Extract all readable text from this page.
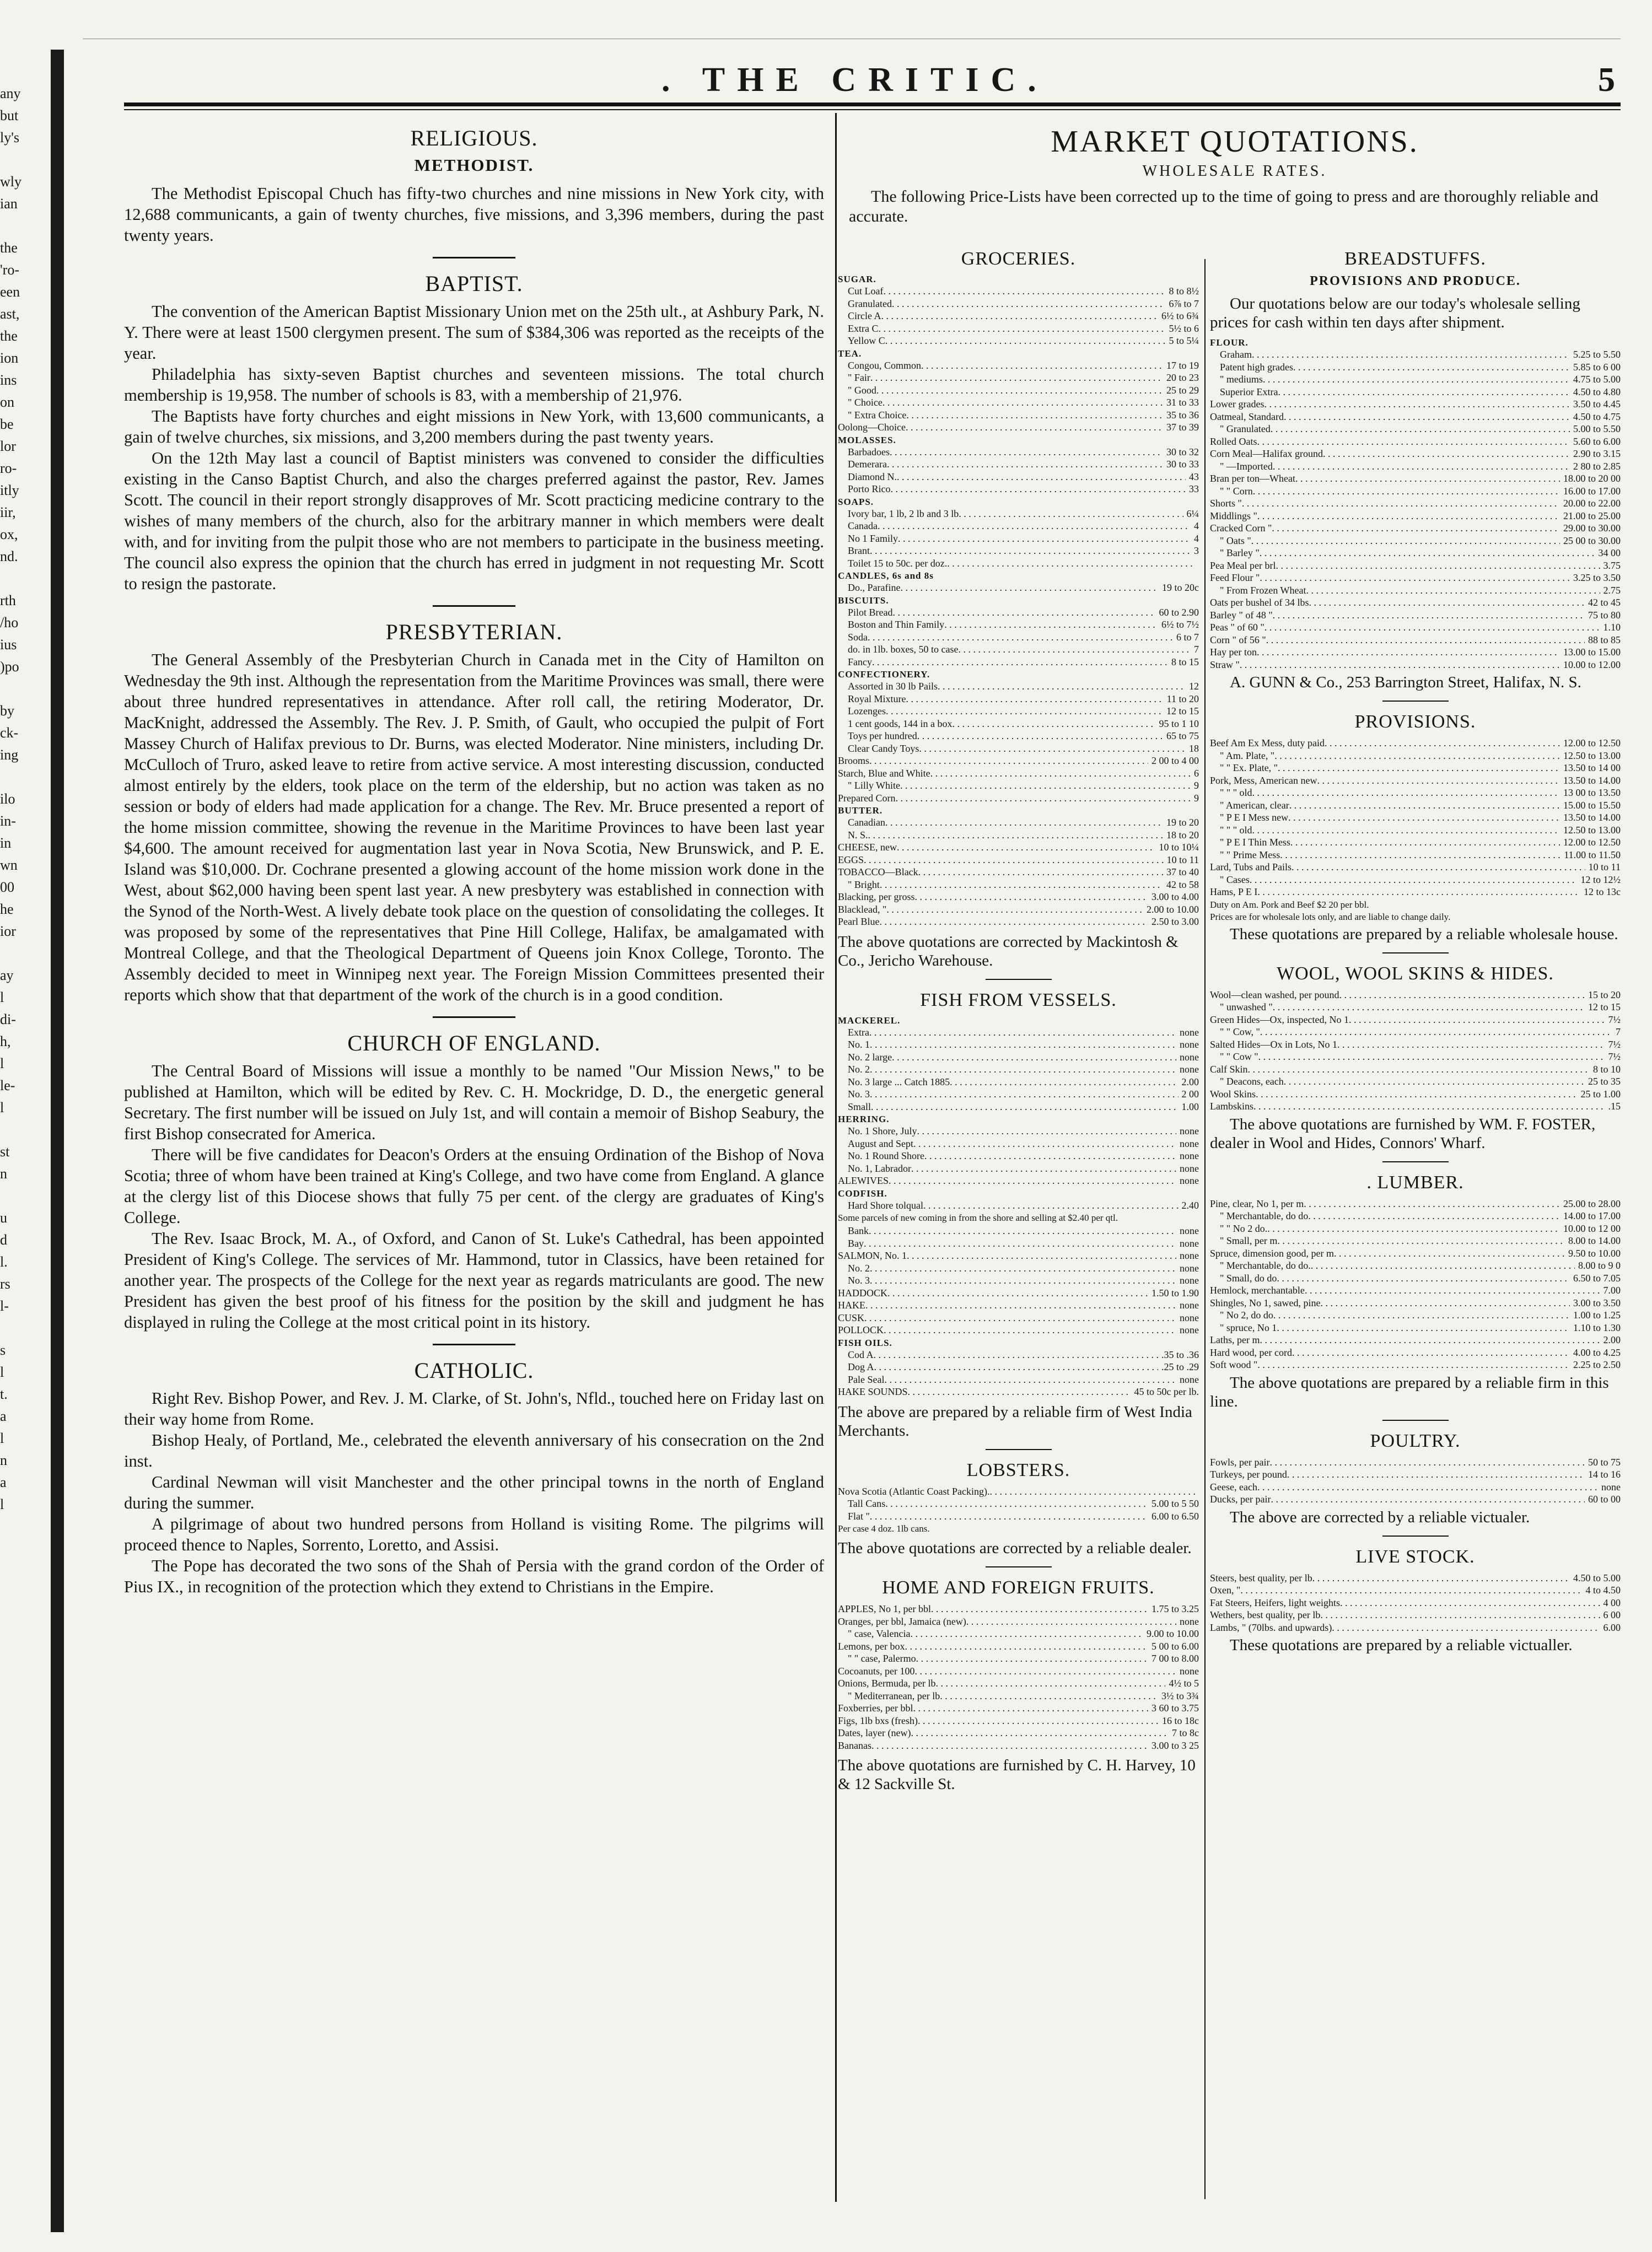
any
but
ly's
wly
ian
the
'ro-
een
ast,
the
ion
ins
on
be
lor
ro-
itly
iir,
ox,
nd.
rth
/ho
ius
)po
by
ck-
ing
ilo
in-
in
wn
00
he
ior
ay
l
di-
h,
l
le-
l
st
n
u
d
l.
rs
l-
s
l
t.
a
l
n
a
l
. THE CRITIC.	5
RELIGIOUS.
METHODIST.

The Methodist Episcopal Chuch has fifty-two churches and nine missions in New York city, with 12,688 communicants, a gain of twenty churches, five missions, and 3,396 members, during the past twenty years.

BAPTIST.

The convention of the American Baptist Missionary Union met on the 25th ult., at Ashbury Park, N. Y. There were at least 1500 clergymen present. The sum of $384,306 was reported as the receipts of the year.

Philadelphia has sixty-seven Baptist churches and seventeen missions. The total church membership is 19,958. The number of schools is 83, with a membership of 21,976.

The Baptists have forty churches and eight missions in New York, with 13,600 communicants, a gain of twelve churches, six missions, and 3,200 members during the past twenty years.

On the 12th May last a council of Baptist ministers was convened to consider the difficulties existing in the Canso Baptist Church, and also the charges preferred against the pastor, Rev. James Scott. The council in their report strongly disapproves of Mr. Scott practicing medicine contrary to the wishes of many members of the church, also for the arbitrary manner in which members were dealt with, and for inviting from the pulpit those who are not members to participate in the business meeting. The council also express the opinion that the church has erred in judgment in not requesting Mr. Scott to resign the pastorate.

PRESBYTERIAN.

The General Assembly of the Presbyterian Church in Canada met in the City of Hamilton on Wednesday the 9th inst. Although the representation from the Maritime Provinces was small, there were about three hundred representatives in attendance. After roll call, the retiring Moderator, Dr. MacKnight, addressed the Assembly. The Rev. J. P. Smith, of Gault, who occupied the pulpit of Fort Massey Church of Halifax previous to Dr. Burns, was elected Moderator. Nine ministers, including Dr. McCulloch of Truro, asked leave to retire from active service. A most interesting discussion, conducted almost entirely by the elders, took place on the term of the eldership, but no action was taken as no session or body of elders had made application for a change. The Rev. Mr. Bruce presented a report of the home mission committee, showing the revenue in the Maritime Provinces to have been last year $4,600. The amount received for augmentation last year in Nova Scotia, New Brunswick, and P. E. Island was $10,000. Dr. Cochrane presented a glowing account of the home mission work done in the West, about $62,000 having been spent last year. A new presbytery was established in connection with the Synod of the North-West. A lively debate took place on the question of consolidating the colleges. It was proposed by some of the representatives that Pine Hill College, Halifax, be amalgamated with Montreal College, and that the Theological Department of Queens join Knox College, Toronto. The Assembly decided to meet in Winnipeg next year. The Foreign Mission Committees presented their reports which show that that department of the work of the church is in a good condition.

CHURCH OF ENGLAND.

The Central Board of Missions will issue a monthly to be named "Our Mission News," to be published at Hamilton, which will be edited by Rev. C. H. Mockridge, D. D., the energetic general Secretary. The first number will be issued on July 1st, and will contain a memoir of Bishop Seabury, the first Bishop consecrated for America.

There will be five candidates for Deacon's Orders at the ensuing Ordination of the Bishop of Nova Scotia; three of whom have been trained at King's College, and two have come from England. A glance at the clergy list of this Diocese shows that fully 75 per cent. of the clergy are graduates of King's College.

The Rev. Isaac Brock, M. A., of Oxford, and Canon of St. Luke's Cathedral, has been appointed President of King's College. The services of Mr. Hammond, tutor in Classics, have been retained for another year. The prospects of the College for the next year as regards matriculants are good. The new President has given the best proof of his fitness for the position by the skill and judgment he has displayed in ruling the College at the most critical point in its history.

CATHOLIC.

Right Rev. Bishop Power, and Rev. J. M. Clarke, of St. John's, Nfld., touched here on Friday last on their way home from Rome.

Bishop Healy, of Portland, Me., celebrated the eleventh anniversary of his consecration on the 2nd inst.

Cardinal Newman will visit Manchester and the other principal towns in the north of England during the summer.

A pilgrimage of about two hundred persons from Holland is visiting Rome. The pilgrims will proceed thence to Naples, Sorrento, Loretto, and Assisi.

The Pope has decorated the two sons of the Shah of Persia with the grand cordon of the Order of Pius IX., in recognition of the protection which they extend to Christians in the Empire.

MARKET QUOTATIONS.
WHOLESALE RATES.

The following Price-Lists have been corrected up to the time of going to press and are thoroughly reliable and accurate.

GROCERIES.
SUGAR.
Cut Loaf . . .	8 to 8½
Granulated . . .	6⅞ to 7
Circle A . . .	6½ to 6¾
Extra C . . .	5½ to 6
Yellow C . . .	5 to 5¼
TEA.
Congou, Common . . .	17 to 19
" Fair . . .	20 to 23
" Good . . .	25 to 29
" Choice . . .	31 to 33
" Extra Choice . . .	35 to 36
Oolong—Choice . . .	37 to 39
MOLASSES.
Barbadoes . . .	30 to 32
Demerara . . .	30 to 33
Diamond N. . . .	43
Porto Rico . . .	33
SOAPS.
Ivory bar, 1 lb, 2 lb and 3 lb . . .	6¼
Canada . . .	4
No 1 Family . . .	4
Brant . . .	3
Toilet 15 to 50c. per doz.
. . .
CANDLES, 6s and 8s
Do., Parafine . . .	19 to 20c
BISCUITS.
Pilot Bread . . .	60 to 2.90
Boston and Thin Family . . .	6½ to 7½
Soda . . .	6 to 7
do. in 1lb. boxes, 50 to case . . .	7
Fancy . . .	8 to 15
CONFECTIONERY.
Assorted in 30 lb Pails . . .	12
Royal Mixture . . .	11 to 20
Lozenges . . .	12 to 15
1 cent goods, 144 in a box . . .	95 to 1 10
Toys per hundred . . .	65 to 75
Clear Candy Toys . . .	18
Brooms . . .	2 00 to 4 00
Starch, Blue and White . . .	6
" Lilly White . . .	9
Prepared Corn . . .	9
BUTTER.
Canadian . . .	19 to 20
N. S. . . .	18 to 20
CHEESE, new . . .	10 to 10¼
EGGS . . .	10 to 11
TOBACCO—Black . . .	37 to 40
" Bright . . .	42 to 58
Blacking, per gross . . .	3.00 to 4.00
Blacklead, " . . .	2.00 to 10.00
Pearl Blue . . .	2.50 to 3.00
The above quotations are corrected by Mackintosh & Co., Jericho Warehouse.
FISH FROM VESSELS.
MACKEREL.
Extra . . .	none
No. 1 . . .	none
No. 2 large . . .	none
No. 2 . . .	none
No. 3 large ... Catch 1885 . . .	2.00
No. 3 . . .	2 00
Small . . .	1.00
HERRING.
No. 1 Shore, July . . .	none
August and Sept . . .	none
No. 1 Round Shore . . .	none
No. 1, Labrador . . .	none
ALEWIVES . . .	none
CODFISH.
Hard Shore tolqual . . .	2.40
Some parcels of new coming in from the shore and selling at $2.40 per qtl.
Bank . . .	none
Bay . . .	none
SALMON, No. 1 . . .	none
No. 2 . . .	none
No. 3 . . .	none
HADDOCK . . .	1.50 to 1.90
HAKE . . .	none
CUSK . . .	none
POLLOCK . . .	none
FISH OILS.
Cod A . . .	.35 to .36
Dog A . . .	.25 to .29
Pale Seal . . .	none
HAKE SOUNDS . . .	45 to 50c per lb.
The above are prepared by a reliable firm of West India Merchants.
LOBSTERS.
Nova Scotia (Atlantic Coast Packing).
. . .
Tall Cans . . .	5.00 to 5 50
Flat " . . .	6.00 to 6.50
Per case 4 doz. 1lb cans.
The above quotations are corrected by a reliable dealer.
HOME AND FOREIGN FRUITS.
APPLES, No 1, per bbl . . .	1.75 to 3.25
Oranges, per bbl, Jamaica (new) . . .	none
" case, Valencia . . .	9.00 to 10.00
Lemons, per box . . .	5 00 to 6.00
" " case, Palermo . . .	7 00 to 8.00
Cocoanuts, per 100 . . .	none
Onions, Bermuda, per lb . . .	4½ to 5
" Mediterranean, per lb . . .	3½ to 3¾
Foxberries, per bbl . . .	3 60 to 3.75
Figs, 1lb bxs (fresh) . . .	16 to 18c
Dates, layer (new) . . .	7 to 8c
Bananas . . .	3.00 to 3 25
The above quotations are furnished by C. H. Harvey, 10 & 12 Sackville St.
BREADSTUFFS.
PROVISIONS AND PRODUCE.
Our quotations below are our today's wholesale selling prices for cash within ten days after shipment.
FLOUR.
Graham . . .	5.25 to 5.50
Patent high grades . . .	5.85 to 6 00
" mediums . . .	4.75 to 5.00
Superior Extra . . .	4.50 to 4.80
Lower grades . . .	3.50 to 4.45
Oatmeal, Standard . . .	4.50 to 4.75
" Granulated . . .	5.00 to 5.50
Rolled Oats . . .	5.60 to 6.00
Corn Meal—Halifax ground . . .	2.90 to 3.15
" —Imported . . .	2 80 to 2.85
Bran per ton—Wheat . . .	18.00 to 20 00
" " Corn . . .	16.00 to 17.00
Shorts " . . .	20.00 to 22.00
Middlings " . . .	21.00 to 25.00
Cracked Corn " . . .	29.00 to 30.00
" Oats " . . .	25 00 to 30.00
" Barley " . . .	34 00
Pea Meal per brl . . .	3.75
Feed Flour " . . .	3.25 to 3.50
" From Frozen Wheat . . .	2.75
Oats per bushel of 34 lbs . . .	42 to 45
Barley " of 48 " . . .	75 to 80
Peas " of 60 " . . .	1.10
Corn " of 56 " . . .	88 to 85
Hay per ton . . .	13.00 to 15.00
Straw " . . .	10.00 to 12.00
A. GUNN & Co., 253 Barrington Street, Halifax, N. S.
PROVISIONS.
Beef Am Ex Mess, duty paid . . .	12.00 to 12.50
" Am. Plate, " . . .	12.50 to 13.00
" " Ex. Plate, " . . .	13.50 to 14 00
Pork, Mess, American new . . .	13.50 to 14.00
" " " old . . .	13 00 to 13.50
" American, clear . . .	15.00 to 15.50
" P E I Mess new . . .	13.50 to 14.00
" " " old . . .	12.50 to 13.00
" P E I Thin Mess . . .	12.00 to 12.50
" " Prime Mess . . .	11.00 to 11.50
Lard, Tubs and Pails . . .	10 to 11
" Cases . . .	12 to 12½
Hams, P E I . . .	12 to 13c
Duty on Am. Pork and Beef $2 20 per bbl.
Prices are for wholesale lots only, and are liable to change daily.
These quotations are prepared by a reliable wholesale house.
WOOL, WOOL SKINS & HIDES.
Wool—clean washed, per pound . . .	15 to 20
" unwashed " . . .	12 to 15
Green Hides—Ox, inspected, No 1 . . .	7½
" " Cow, " . . .	7
Salted Hides—Ox in Lots, No 1 . . .	7½
" " Cow " . . .	7½
Calf Skin . . .	8 to 10
" Deacons, each . . .	25 to 35
Wool Skins . . .	25 to 1.00
Lambskins . . .	.15
The above quotations are furnished by WM. F. FOSTER, dealer in Wool and Hides, Connors' Wharf.
. LUMBER.
Pine, clear, No 1, per m . . .	25.00 to 28.00
" Merchantable, do do . . .	14.00 to 17.00
" " No 2 do. . . .	10.00 to 12 00
" Small, per m . . .	8.00 to 14.00
Spruce, dimension good, per m . . .	9.50 to 10.00
" Merchantable, do do. . . .	8.00 to 9 0
" Small, do do . . .	6.50 to 7.05
Hemlock, merchantable . . .	7.00
Shingles, No 1, sawed, pine . . .	3.00 to 3.50
" No 2, do do . . .	1.00 to 1.25
" spruce, No 1 . . .	1.10 to 1.30
Laths, per m . . .	2.00
Hard wood, per cord . . .	4.00 to 4.25
Soft wood " . . .	2.25 to 2.50
The above quotations are prepared by a reliable firm in this line.
POULTRY.
Fowls, per pair . . .	50 to 75
Turkeys, per pound . . .	14 to 16
Geese, each . . .	none
Ducks, per pair . . .	60 to 00
The above are corrected by a reliable victualer.
LIVE STOCK.
Steers, best quality, per lb . . .	4.50 to 5.00
Oxen, " . . .	4 to 4.50
Fat Steers, Heifers, light weights . . .	4 00
Wethers, best quality, per lb . . .	6 00
Lambs, " (70lbs. and upwards) . . .	6.00
These quotations are prepared by a reliable victualler.
